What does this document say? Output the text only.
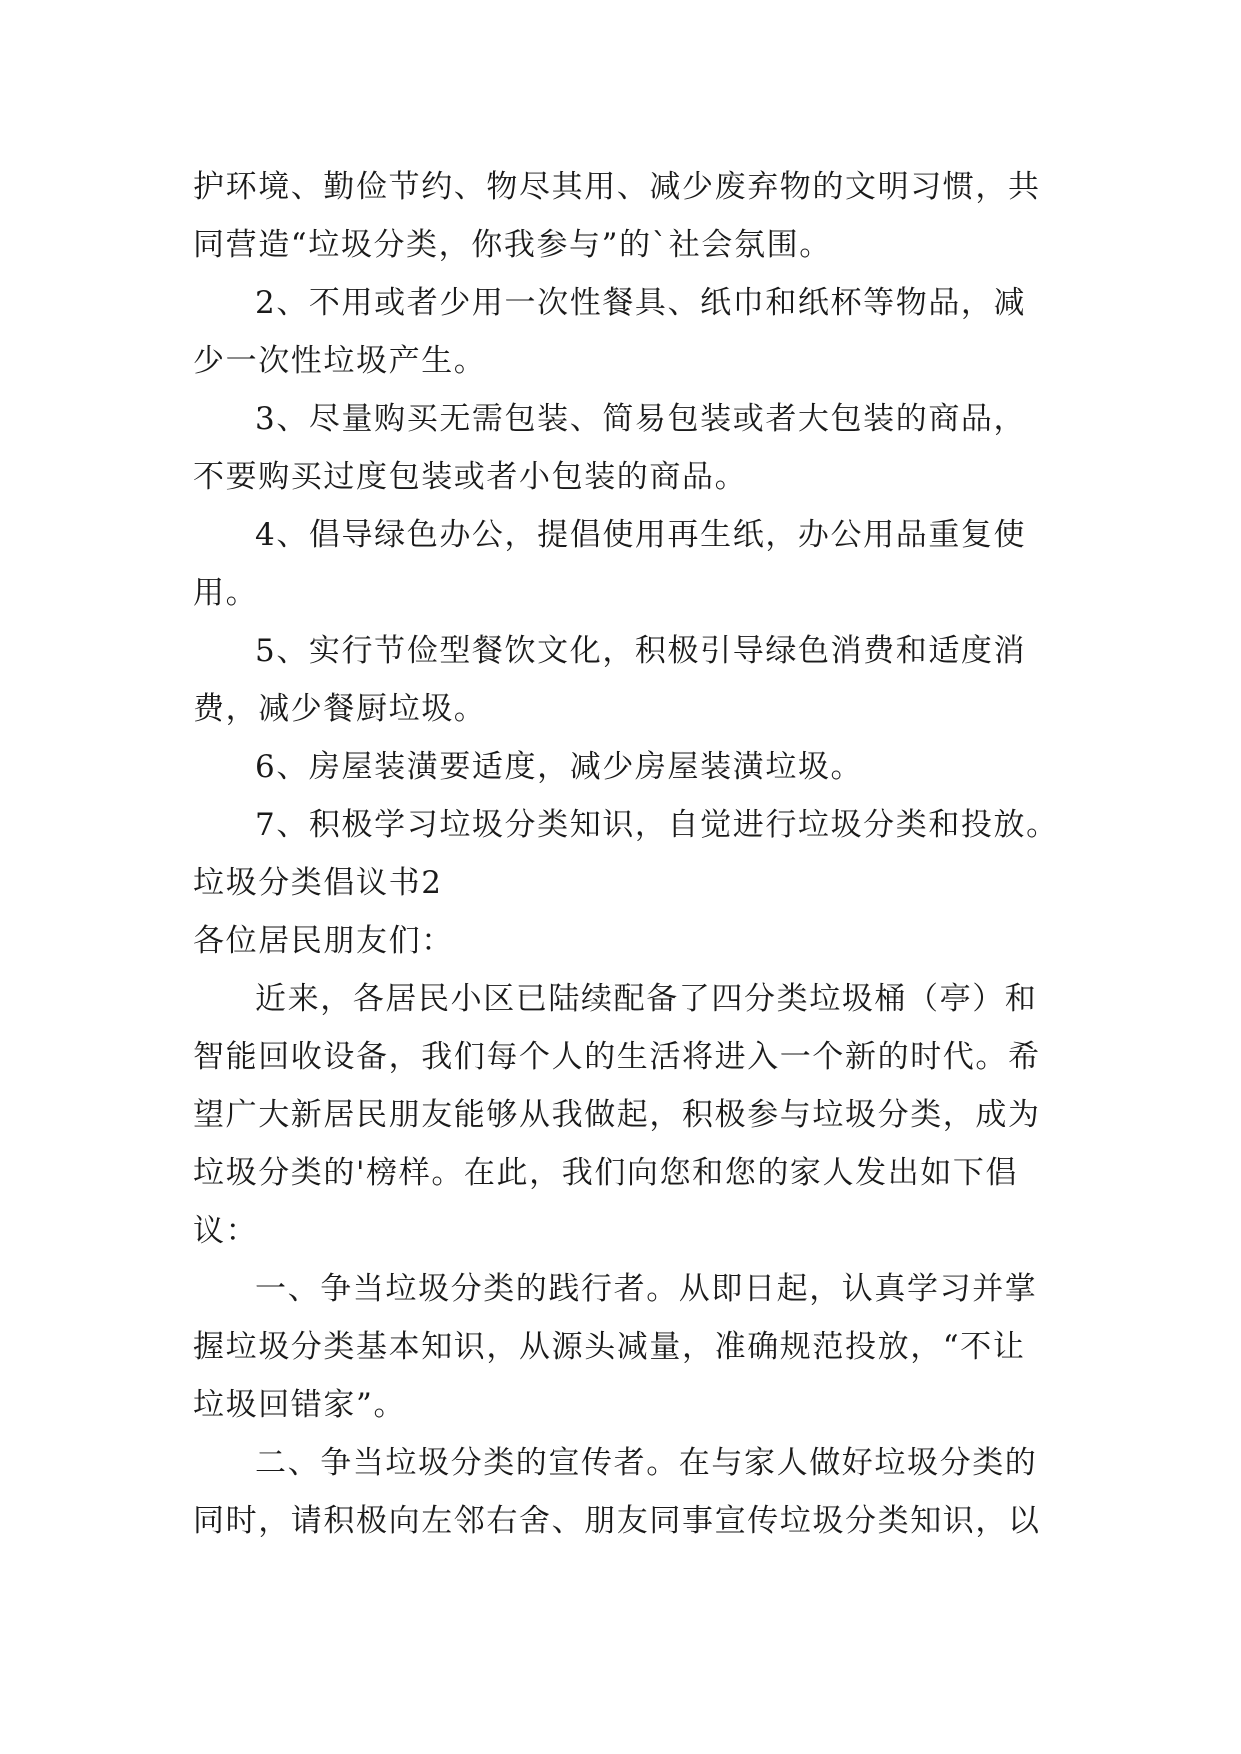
护环境、勤俭节约、物尽其用、减少废弃物的文明习惯，共

同营造“垃圾分类，你我参与”的`社会氛围。

2、不用或者少用一次性餐具、纸巾和纸杯等物品，减

少一次性垃圾产生。

3、尽量购买无需包装、简易包装或者大包装的商品，

不要购买过度包装或者小包装的商品。

4、倡导绿色办公，提倡使用再生纸，办公用品重复使

用。

5、实行节俭型餐饮文化，积极引导绿色消费和适度消

费，减少餐厨垃圾。

6、房屋装潢要适度，减少房屋装潢垃圾。

7、积极学习垃圾分类知识，自觉进行垃圾分类和投放。

垃圾分类倡议书2

各位居民朋友们：

近来，各居民小区已陆续配备了四分类垃圾桶（亭）和

智能回收设备，我们每个人的生活将进入一个新的时代。希

望广大新居民朋友能够从我做起，积极参与垃圾分类，成为

垃圾分类的'榜样。在此，我们向您和您的家人发出如下倡

议：

一、争当垃圾分类的践行者。从即日起，认真学习并掌

握垃圾分类基本知识，从源头减量，准确规范投放，“不让

垃圾回错家”。

二、争当垃圾分类的宣传者。在与家人做好垃圾分类的

同时，请积极向左邻右舍、朋友同事宣传垃圾分类知识，以
